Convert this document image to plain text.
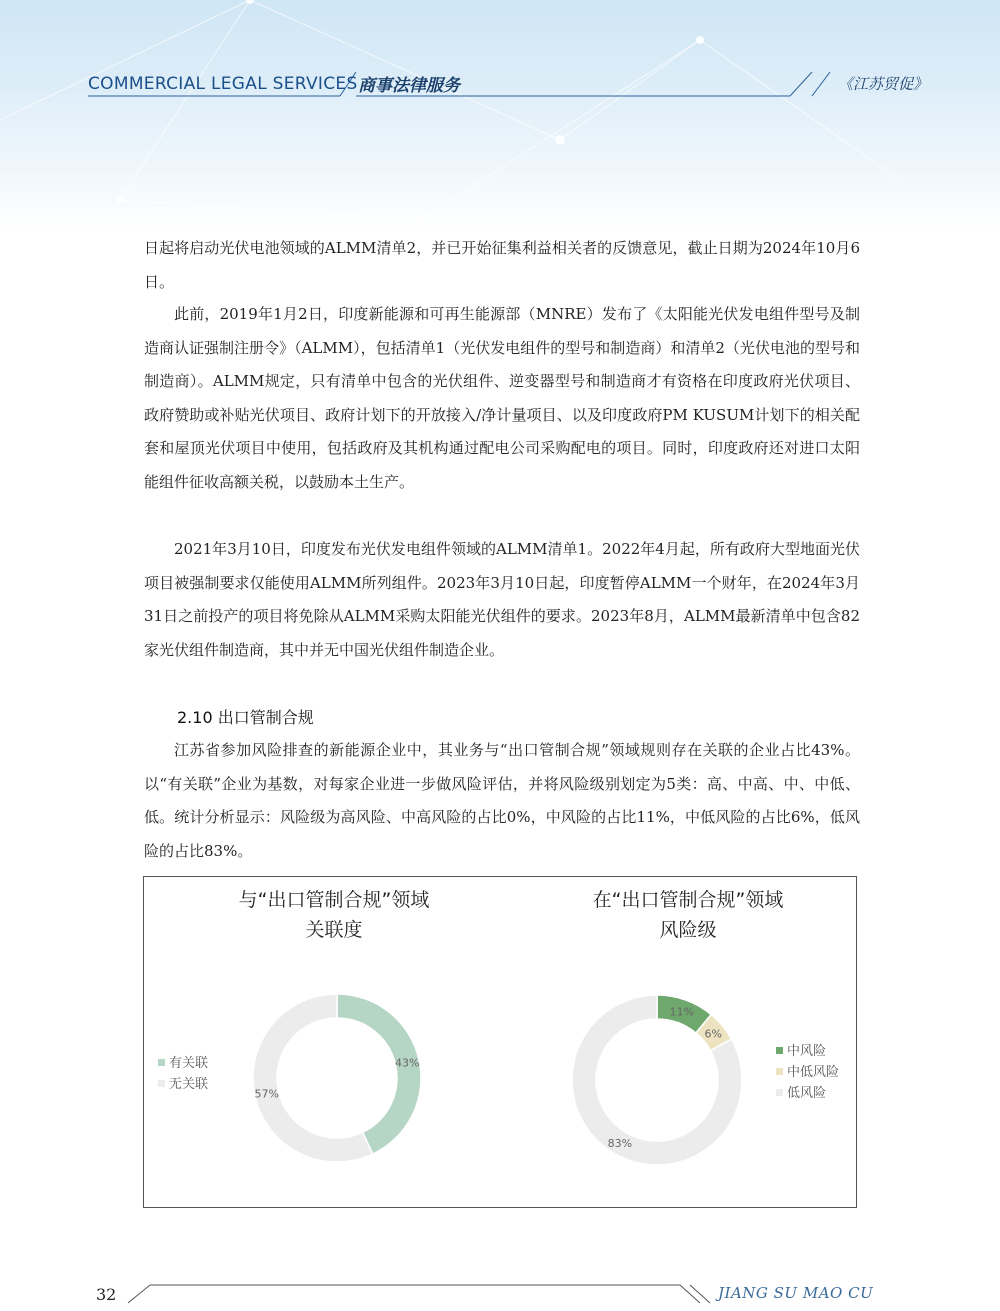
COMMERCIAL LEGAL SERVICES 商事法律服务	《江苏贸促》

日起将启动光伏电池领域的ALMM清单2，并已开始征集利益相关者的反馈意见，截止日期为2024年10月6日。

此前，2019年1月2日，印度新能源和可再生能源部（MNRE）发布了《太阳能光伏发电组件型号及制造商认证强制注册令》（ALMM），包括清单1（光伏发电组件的型号和制造商）和清单2（光伏电池的型号和制造商）。ALMM规定，只有清单中包含的光伏组件、逆变器型号和制造商才有资格在印度政府光伏项目、政府赞助或补贴光伏项目、政府计划下的开放接入/净计量项目、以及印度政府PM KUSUM计划下的相关配套和屋顶光伏项目中使用，包括政府及其机构通过配电公司采购配电的项目。同时，印度政府还对进口太阳能组件征收高额关税，以鼓励本土生产。

2021年3月10日，印度发布光伏发电组件领域的ALMM清单1。2022年4月起，所有政府大型地面光伏项目被强制要求仅能使用ALMM所列组件。2023年3月10日起，印度暂停ALMM一个财年，在2024年3月31日之前投产的项目将免除从ALMM采购太阳能光伏组件的要求。2023年8月，ALMM最新清单中包含82家光伏组件制造商，其中并无中国光伏组件制造企业。

2.10 出口管制合规

江苏省参加风险排查的新能源企业中，其业务与“出口管制合规”领域规则存在关联的企业占比43%。以“有关联”企业为基数，对每家企业进一步做风险评估，并将风险级别划定为5类：高、中高、中、中低、低。统计分析显示：风险级为高风险、中高风险的占比0%，中风险的占比11%，中低风险的占比6%，低风险的占比83%。

与“出口管制合规”领域
关联度
在“出口管制合规”领域
风险级
43%
57%
有关联
无关联
11%
6%
83%
中风险
中低风险
低风险
32	JIANG SU MAO CU
